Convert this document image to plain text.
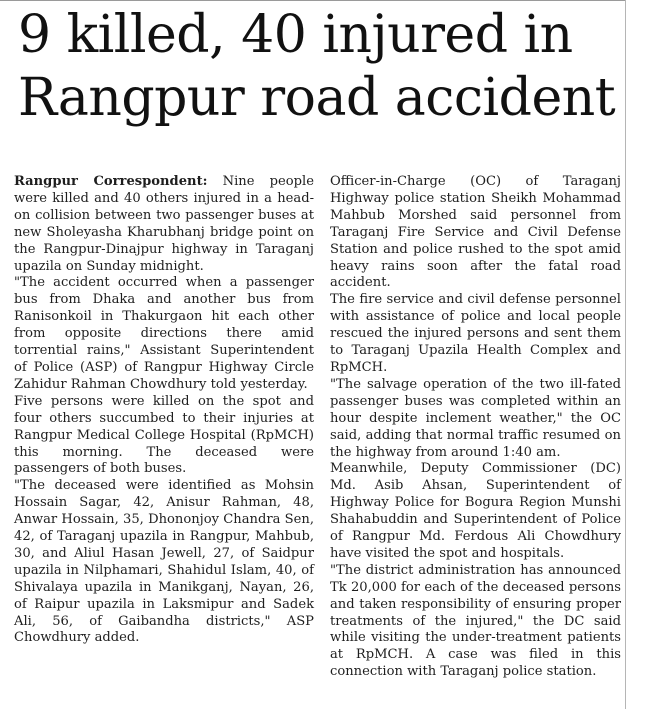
9 killed, 40 injured in
Rangpur road accident

Rangpur Correspondent: Nine people were killed and 40 others injured in a head-on collision between two passenger buses at new Sholeyasha Kharubhanj bridge point on the Rangpur-Dinajpur highway in Taraganj upazila on Sunday midnight.

"The accident occurred when a passenger bus from Dhaka and another bus from Ranisonkoil in Thakurgaon hit each other from opposite directions there amid torrential rains," Assistant Superintendent of Police (ASP) of Rangpur Highway Circle Zahidur Rahman Chowdhury told yesterday.

Five persons were killed on the spot and four others succumbed to their injuries at Rangpur Medical College Hospital (RpMCH) this morning. The deceased were passengers of both buses.

"The deceased were identified as Mohsin Hossain Sagar, 42, Anisur Rahman, 48, Anwar Hossain, 35, Dhononjoy Chandra Sen, 42, of Taraganj upazila in Rangpur, Mahbub, 30, and Aliul Hasan Jewell, 27, of Saidpur upazila in Nilphamari, Shahidul Islam, 40, of Shivalaya upazila in Manikganj, Nayan, 26, of Raipur upazila in Laksmipur and Sadek Ali, 56, of Gaibandha districts," ASP Chowdhury added.

Officer-in-Charge (OC) of Taraganj Highway police station Sheikh Mohammad Mahbub Morshed said personnel from Taraganj Fire Service and Civil Defense Station and police rushed to the spot amid heavy rains soon after the fatal road accident.

The fire service and civil defense personnel with assistance of police and local people rescued the injured persons and sent them to Taraganj Upazila Health Complex and RpMCH.

"The salvage operation of the two ill-fated passenger buses was completed within an hour despite inclement weather," the OC said, adding that normal traffic resumed on the highway from around 1:40 am.

Meanwhile, Deputy Commissioner (DC) Md. Asib Ahsan, Superintendent of Highway Police for Bogura Region Munshi Shahabuddin and Superintendent of Police of Rangpur Md. Ferdous Ali Chowdhury have visited the spot and hospitals.

"The district administration has announced Tk 20,000 for each of the deceased persons and taken responsibility of ensuring proper treatments of the injured," the DC said while visiting the under-treatment patients at RpMCH. A case was filed in this connection with Taraganj police station.
